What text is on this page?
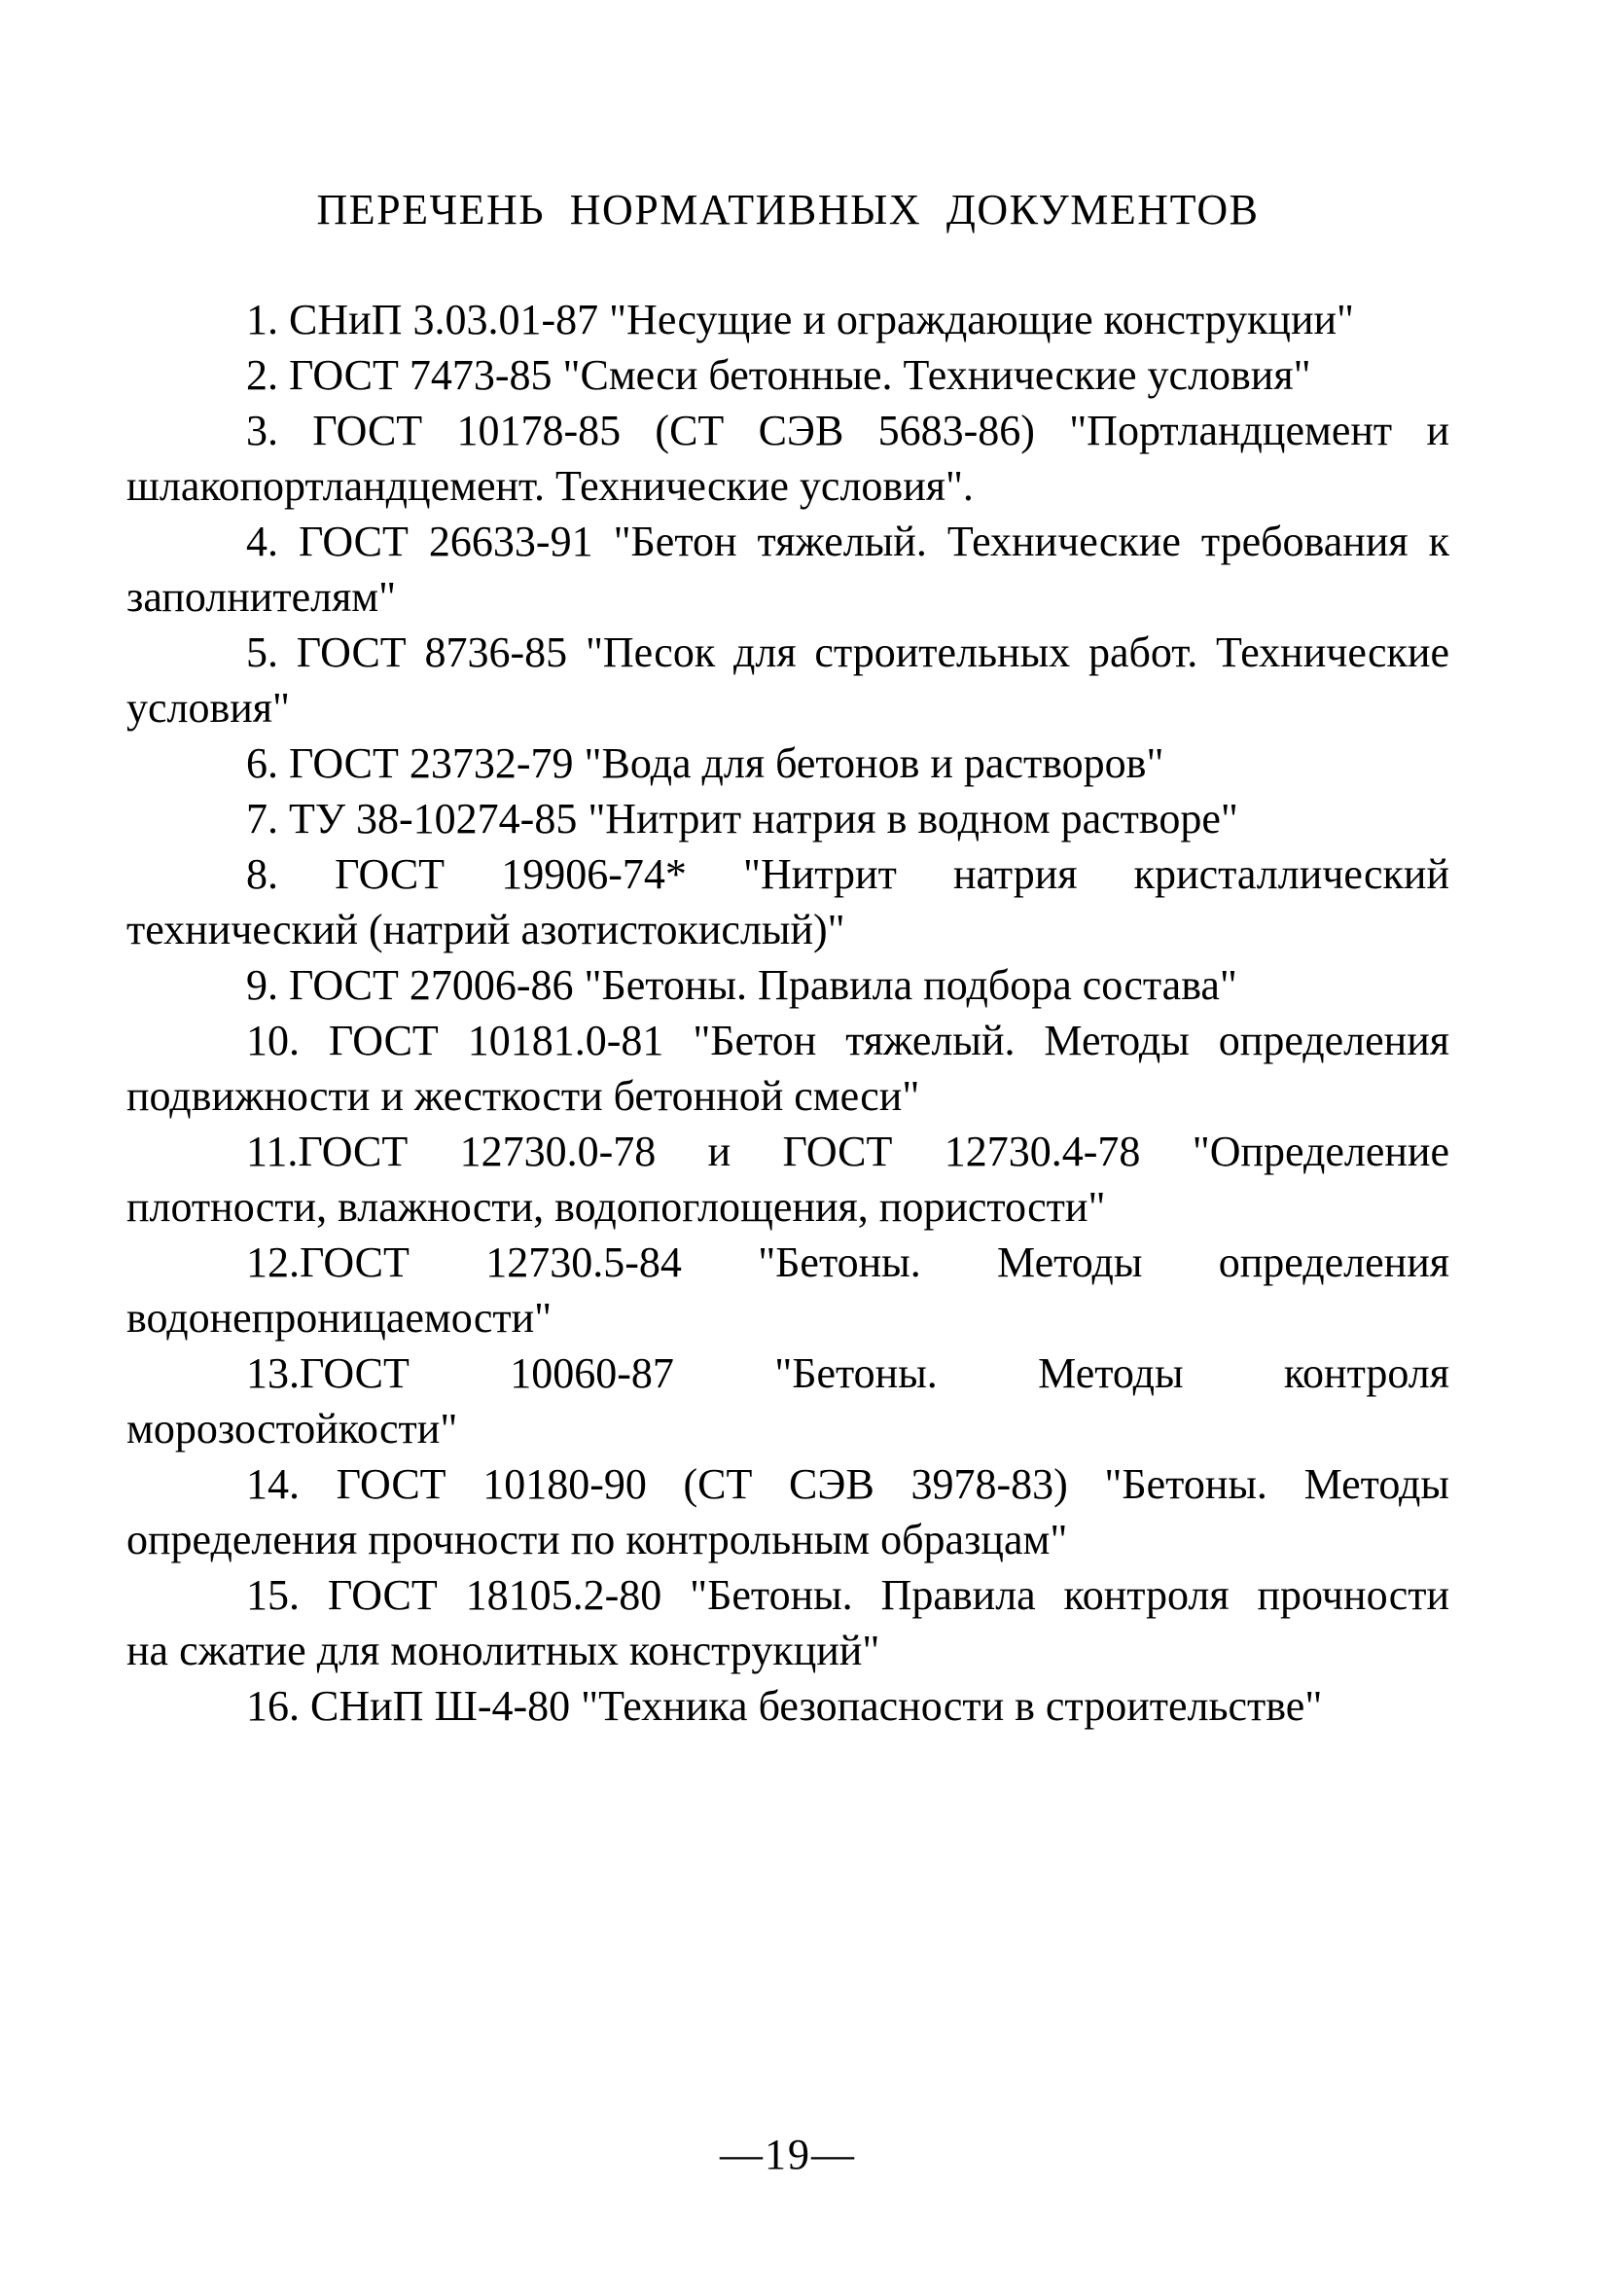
ПЕРЕЧЕНЬ НОРМАТИВНЫХ ДОКУМЕНТОВ
1. СНиП 3.03.01-87 "Несущие и ограждающие конструкции"
2. ГОСТ 7473-85 "Смеси бетонные. Технические условия"
3. ГОСТ 10178-85 (СТ СЭВ 5683-86) "Портландцемент и
шлакопортландцемент. Технические условия".
4. ГОСТ 26633-91 "Бетон тяжелый. Технические требования к
заполнителям"
5. ГОСТ 8736-85 "Песок для строительных работ. Технические
условия"
6. ГОСТ 23732-79 "Вода для бетонов и растворов"
7. ТУ 38-10274-85 "Нитрит натрия в водном растворе"
8. ГОСТ 19906-74* "Нитрит натрия кристаллический
технический (натрий азотистокислый)"
9. ГОСТ 27006-86 "Бетоны. Правила подбора состава"
10. ГОСТ 10181.0-81 "Бетон тяжелый. Методы определения
подвижности и жесткости бетонной смеси"
11.ГОСТ 12730.0-78 и ГОСТ 12730.4-78 "Определение
плотности, влажности, водопоглощения, пористости"
12.ГОСТ 12730.5-84 "Бетоны. Методы определения
водонепроницаемости"
13.ГОСТ 10060-87 "Бетоны. Методы контроля
морозостойкости"
14. ГОСТ 10180-90 (СТ СЭВ 3978-83) "Бетоны. Методы
определения прочности по контрольным образцам"
15. ГОСТ 18105.2-80 "Бетоны. Правила контроля прочности
на сжатие для монолитных конструкций"
16. СНиП Ш-4-80 "Техника безопасности в строительстве"
—19—
